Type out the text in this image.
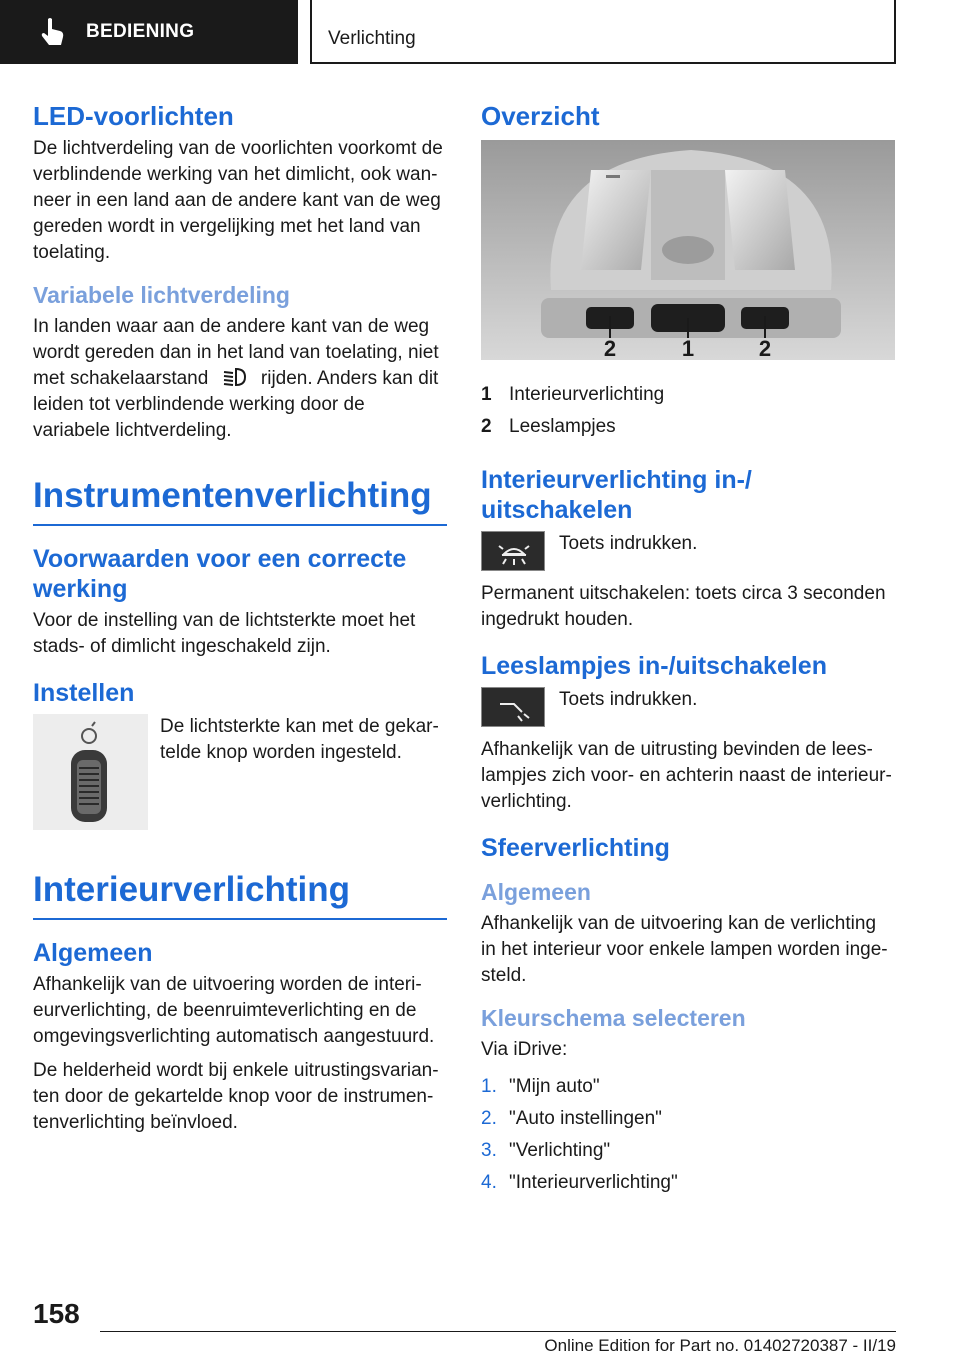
BEDIENING	Verlichting
LED-voorlichten

De lichtverdeling van de voorlichten voorkomt de verblindende werking van het dimlicht, ook wan-neer in een land aan de andere kant van de weg gereden wordt in vergelijking met het land van toelating.

Variabele lichtverdeling

In landen waar aan de andere kant van de weg wordt gereden dan in het land van toelating, niet met schakelaarstand	rijden. Anders kan dit leiden tot verblindende werking door de variabele lichtverdeling.

Instrumentenverlichting
Voorwaarden voor een correcte werking

Voor de instelling van de lichtsterkte moet het stads- of dimlicht ingeschakeld zijn.

Instellen

De lichtsterkte kan met de gekar-telde knop worden ingesteld.

Interieurverlichting
Algemeen

Afhankelijk van de uitvoering worden de interi-eurverlichting, de beenruimteverlichting en de omgevingsverlichting automatisch aangestuurd.

De helderheid wordt bij enkele uitrustingsvarian-ten door de gekartelde knop voor de instrumen-tenverlichting beïnvloed.

Overzicht
2	1	2
1 Interieurverlichting
2 Leeslampjes
Interieurverlichting in-/ uitschakelen

Toets indrukken.

Permanent uitschakelen: toets circa 3 seconden ingedrukt houden.

Leeslampjes in-/uitschakelen

Toets indrukken.

Afhankelijk van de uitrusting bevinden de lees-lampjes zich voor- en achterin naast de interieur-verlichting.

Sfeerverlichting
Algemeen

Afhankelijk van de uitvoering kan de verlichting in het interieur voor enkele lampen worden inge-steld.

Kleurschema selecteren

Via iDrive:

1. "Mijn auto"
2. "Auto instellingen"
3. "Verlichting"
4. "Interieurverlichting"
158
Online Edition for Part no. 01402720387 - II/19
